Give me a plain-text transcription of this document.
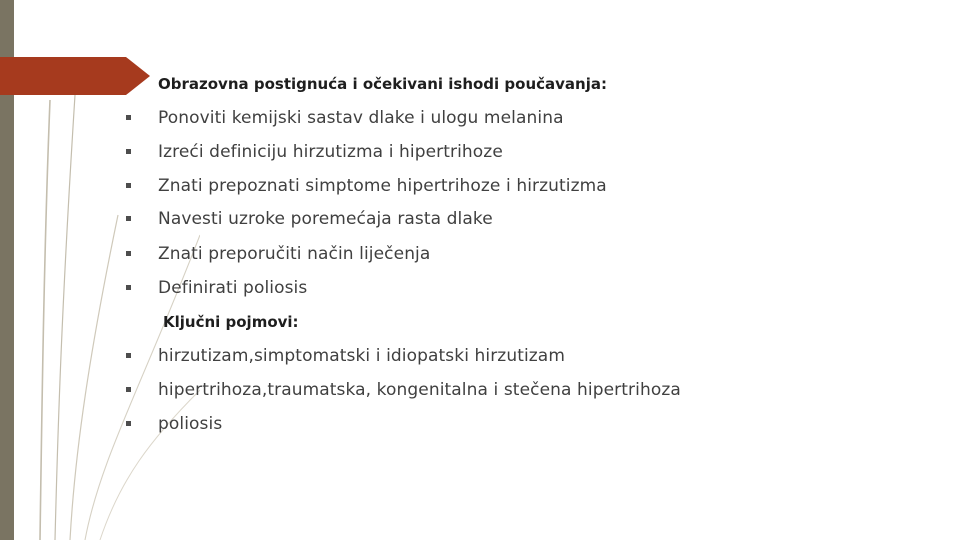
Obrazovna postignuća i očekivani ishodi poučavanja:
Ponoviti kemijski sastav dlake i ulogu melanina
Izreći definiciju hirzutizma i hipertrihoze
Znati prepoznati simptome hipertrihoze i hirzutizma
Navesti uzroke poremećaja rasta dlake
Znati preporučiti način liječenja
Definirati poliosis
Ključni pojmovi:
hirzutizam,simptomatski i idiopatski hirzutizam
hipertrihoza,traumatska, kongenitalna i stečena hipertrihoza
poliosis
